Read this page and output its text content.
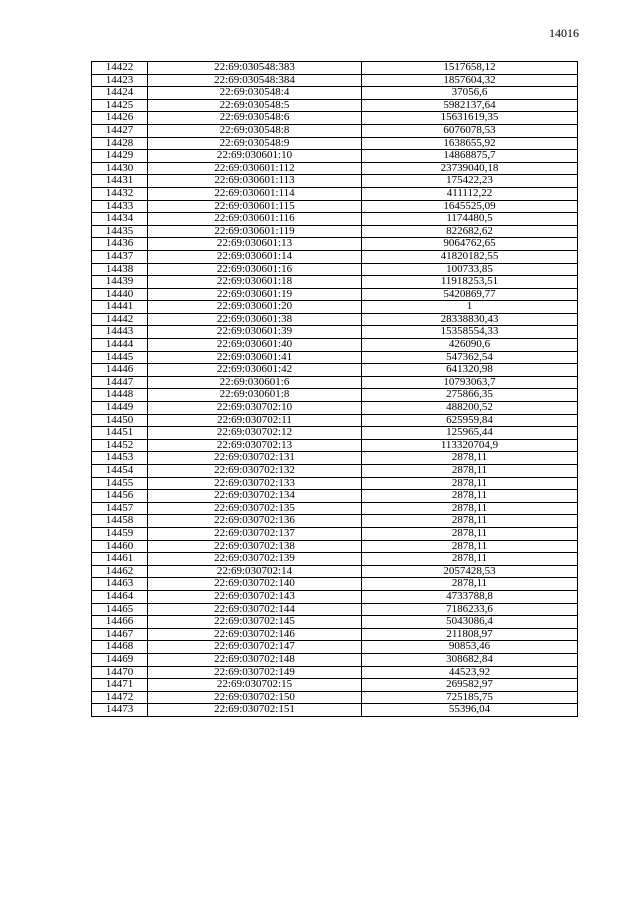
14016
14422	22:69:030548:383	1517658,12
14423	22:69:030548:384	1857604,32
14424	22:69:030548:4	37056,6
14425	22:69:030548:5	5982137,64
14426	22:69:030548:6	15631619,35
14427	22:69:030548:8	6076078,53
14428	22:69:030548:9	1638655,92
14429	22:69:030601:10	14868875,7
14430	22:69:030601:112	23739040,18
14431	22:69:030601:113	175422,23
14432	22:69:030601:114	411112,22
14433	22:69:030601:115	1645525,09
14434	22:69:030601:116	1174480,5
14435	22:69:030601:119	822682,62
14436	22:69:030601:13	9064762,65
14437	22:69:030601:14	41820182,55
14438	22:69:030601:16	100733,85
14439	22:69:030601:18	11918253,51
14440	22:69:030601:19	5420869,77
14441	22:69:030601:20	1
14442	22:69:030601:38	28338830,43
14443	22:69:030601:39	15358554,33
14444	22:69:030601:40	426090,6
14445	22:69:030601:41	547362,54
14446	22:69:030601:42	641320,98
14447	22:69:030601:6	10793063,7
14448	22:69:030601:8	275866,35
14449	22:69:030702:10	488200,52
14450	22:69:030702:11	625959,84
14451	22:69:030702:12	125965,44
14452	22:69:030702:13	113320704,9
14453	22:69:030702:131	2878,11
14454	22:69:030702:132	2878,11
14455	22:69:030702:133	2878,11
14456	22:69:030702:134	2878,11
14457	22:69:030702:135	2878,11
14458	22:69:030702:136	2878,11
14459	22:69:030702:137	2878,11
14460	22:69:030702:138	2878,11
14461	22:69:030702:139	2878,11
14462	22:69:030702:14	2057428,53
14463	22:69:030702:140	2878,11
14464	22:69:030702:143	4733788,8
14465	22:69:030702:144	7186233,6
14466	22:69:030702:145	5043086,4
14467	22:69:030702:146	211808,97
14468	22:69:030702:147	90853,46
14469	22:69:030702:148	308682,84
14470	22:69:030702:149	44523,92
14471	22:69:030702:15	269582,97
14472	22:69:030702:150	725185,75
14473	22:69:030702:151	55396,04
